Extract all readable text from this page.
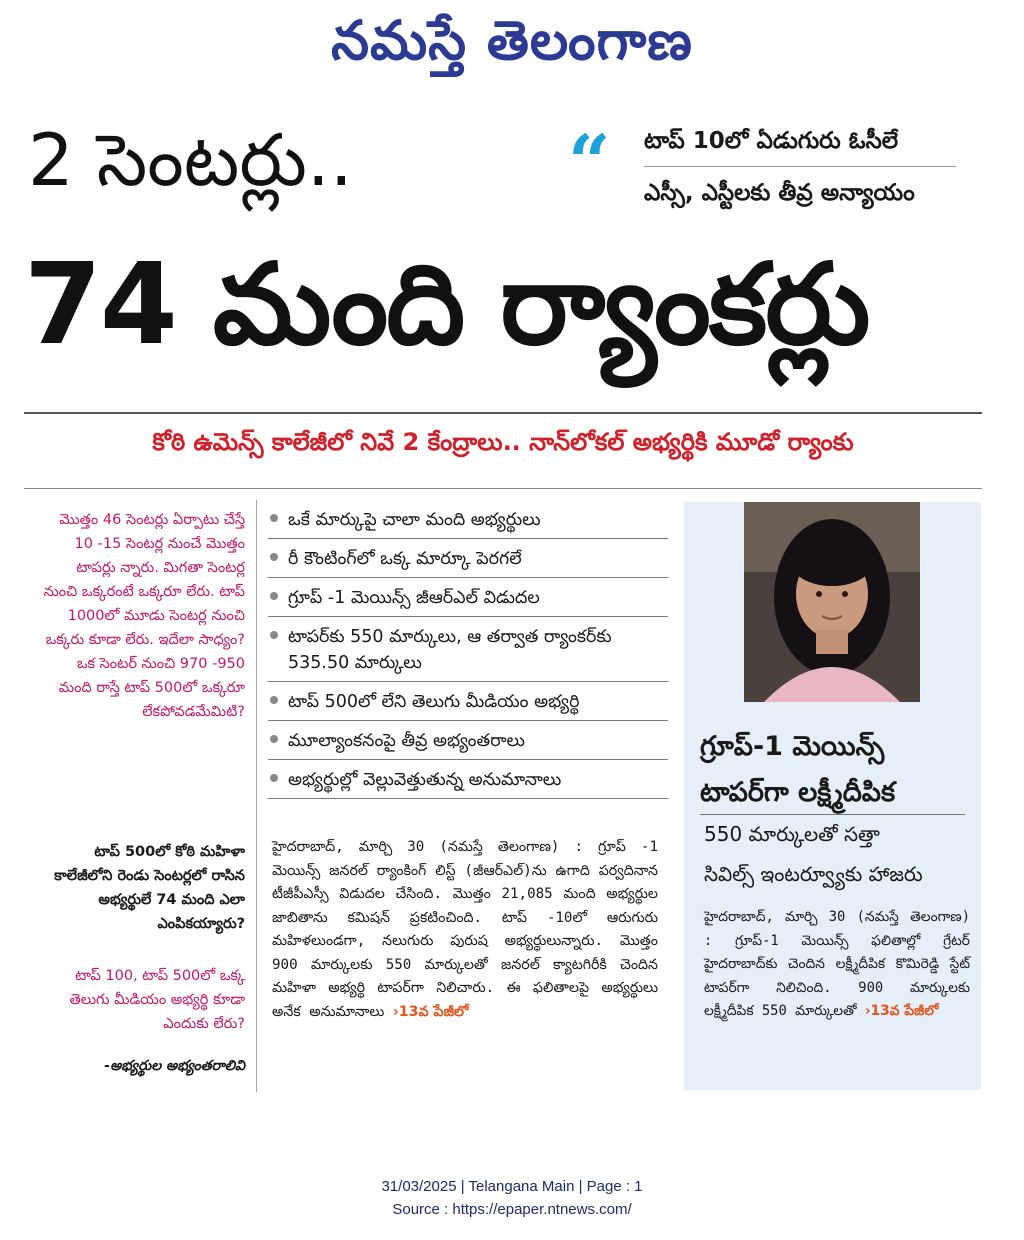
నమస్తే తెలంగాణ
2 సెంటర్లు..	“ టాప్ 10లో ఏడుగురు ఓసీలే
ఎస్సీ, ఎస్టీలకు తీవ్ర అన్యాయం
74 మంది ర్యాంకర్లు
కోఠి ఉమెన్స్ కాలేజీలో నివే 2 కేంద్రాలు.. నాన్‌లోకల్ అభ్యర్థికి మూడో ర్యాంకు
మొత్తం 46 సెంటర్లు ఏర్పాటు చేస్తే 10 -15 సెంటర్ల నుంచే మొత్తం టాపర్లు న్నారు. మిగతా సెంటర్ల నుంచి ఒక్కరంటే ఒక్కరూ లేరు. టాప్ 1000లో మూడు సెంటర్ల నుంచి ఒక్కరు కూడా లేరు. ఇదేలా సాధ్యం? ఒక సెంటర్ నుంచి 970 -950 మంది రాస్తే టాప్ 500లో ఒక్కరూ లేకపోవడమేమిటి?
టాప్ 500లో కోఠి మహిళా కాలేజీలోని రెండు సెంటర్లలో రాసిన అభ్యర్థులే 74 మంది ఎలా ఎంపికయ్యారు?
టాప్ 100, టాప్ 500లో ఒక్క తెలుగు మీడియం అభ్యర్థి కూడా ఎందుకు లేరు?
-అభ్యర్థుల అభ్యంతరాలివి
ఒకే మార్కుపై చాలా మంది అభ్యర్థులు
రీ కౌంటింగ్‌లో ఒక్క మార్కూ పెరగలే
గ్రూప్ -1 మెయిన్స్ జీఆర్‌ఎల్ విడుదల
టాపర్‌కు 550 మార్కులు, ఆ తర్వాత ర్యాంకర్‌కు 535.50 మార్కులు
టాప్ 500లో లేని తెలుగు మీడియం అభ్యర్థి
మూల్యాంకనంపై తీవ్ర అభ్యంతరాలు
అభ్యర్థుల్లో వెల్లువెత్తుతున్న అనుమానాలు
హైదరాబాద్, మార్చి 30 (నమస్తే తెలంగాణ) : గ్రూప్ -1 మెయిన్స్ జనరల్ ర్యాంకింగ్ లిస్ట్ (జీఆర్‌ఎల్)ను ఉగాది పర్వదినాన టీజీపీఎస్సీ విడుదల చేసింది. మొత్తం 21,085 మంది అభ్యర్థుల జాబితాను కమిషన్ ప్రకటించింది. టాప్ -10లో ఆరుగురు మహిళలుండగా, నలుగురు పురుష అభ్యర్థులున్నారు. మొత్తం 900 మార్కులకు 550 మార్కులతో జనరల్ క్యాటగిరీకి చెందిన మహిళా అభ్యర్థి టాపర్‌గా నిలిచారు. ఈ ఫలితాలపై అభ్యర్థులు అనేక అనుమానాలు ›13వ పేజీలో
గ్రూప్-1 మెయిన్స్ టాపర్‌గా లక్ష్మీదీపిక
550 మార్కులతో సత్తా
సివిల్స్ ఇంటర్వ్యూకు హాజరు
హైదరాబాద్, మార్చి 30 (నమస్తే తెలంగాణ) : గ్రూప్-1 మెయిన్స్ ఫలితాల్లో గ్రేటర్ హైదరాబాద్‌కు చెందిన లక్ష్మీదీపిక కొమిరెడ్డి స్టేట్ టాపర్‌గా నిలిచింది. 900 మార్కులకు లక్ష్మీదీపిక 550 మార్కులతో ›13వ పేజీలో
31/03/2025 | Telangana Main | Page : 1
Source : https://epaper.ntnews.com/
